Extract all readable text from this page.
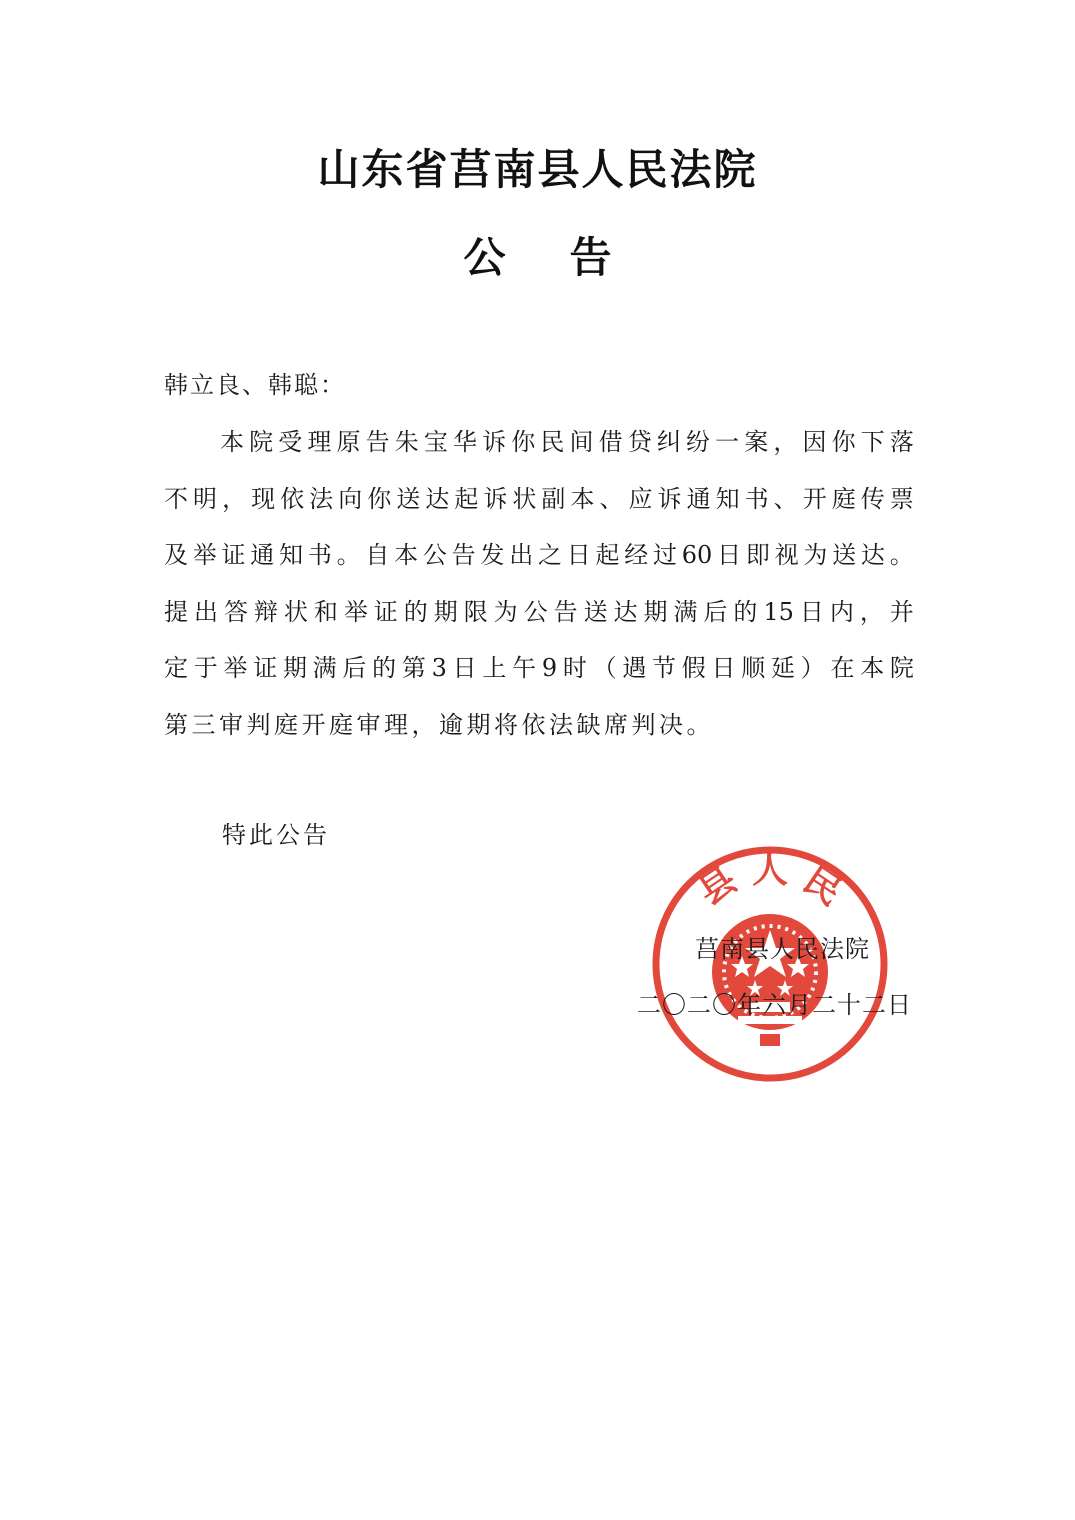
山东省莒南县人民法院
公 告
韩立良、韩聪：
本 院 受 理 原 告 朱 宝 华 诉 你 民 间 借 贷 纠 纷 一 案 ， 因 你 下 落
不 明 ， 现 依 法 向 你 送 达 起 诉 状 副 本 、 应 诉 通 知 书 、 开 庭 传 票
及 举 证 通 知 书 。 自 本 公 告 发 出 之 日 起 经 过 60 日 即 视 为 送 达 。
提 出 答 辩 状 和 举 证 的 期 限 为 公 告 送 达 期 满 后 的 15 日 内 ， 并
定 于 举 证 期 满 后 的 第 3 日 上 午 9 时 （ 遇 节 假 日 顺 延 ） 在 本 院
第三审判庭开庭审理，逾期将依法缺席判决。
特此公告
县 人 民
莒南县人民法院
二〇二〇年六月二十二日
